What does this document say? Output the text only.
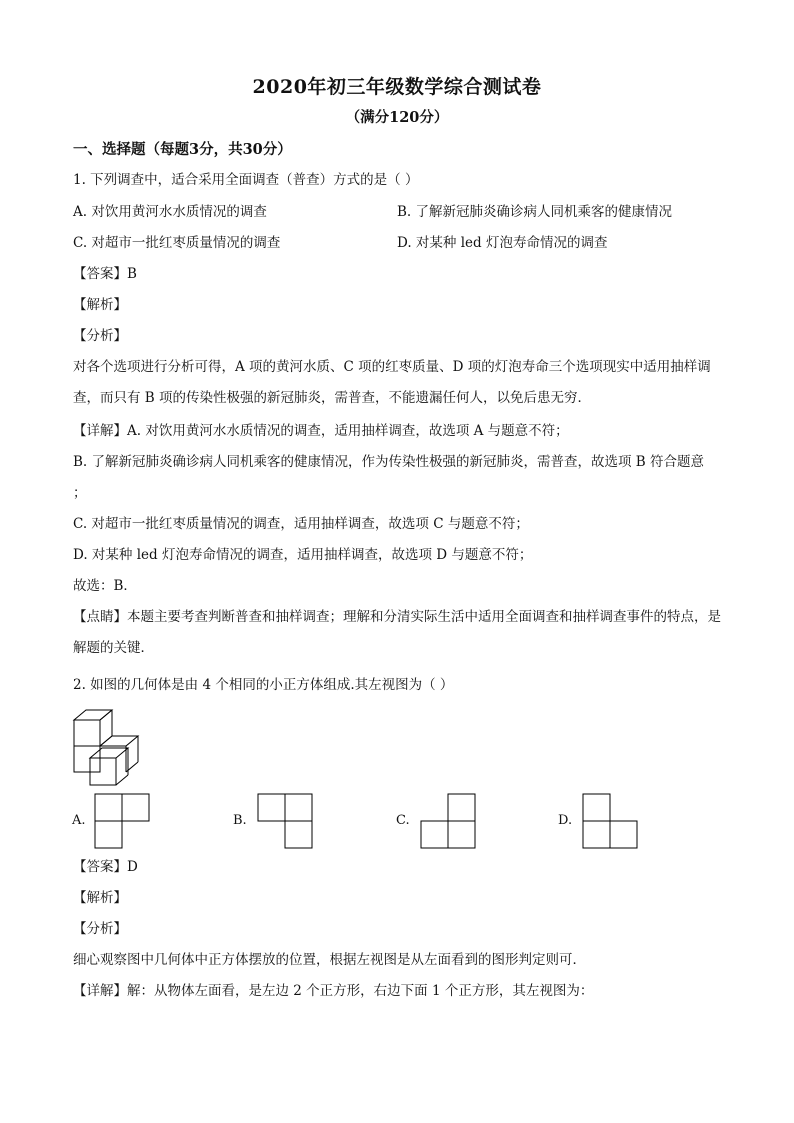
2020年初三年级数学综合测试卷
（满分120分）
一、选择题（每题3分，共30分）
1. 下列调查中，适合采用全面调查（普查）方式的是（ ）
A. 对饮用黄河水水质情况的调查	B. 了解新冠肺炎确诊病人同机乘客的健康情况
C. 对超市一批红枣质量情况的调查	D. 对某种 led 灯泡寿命情况的调查
【答案】B
【解析】
【分析】
对各个选项进行分析可得，A 项的黄河水质、C 项的红枣质量、D 项的灯泡寿命三个选项现实中适用抽样调查，而只有 B 项的传染性极强的新冠肺炎，需普查，不能遗漏任何人，以免后患无穷．
【详解】A. 对饮用黄河水水质情况的调查，适用抽样调查，故选项 A 与题意不符；
B. 了解新冠肺炎确诊病人同机乘客的健康情况，作为传染性极强的新冠肺炎，需普查，故选项 B 符合题意
；
C. 对超市一批红枣质量情况的调查，适用抽样调查，故选项 C 与题意不符；
D. 对某种 led 灯泡寿命情况的调查，适用抽样调查，故选项 D 与题意不符；
故选：B．
【点睛】本题主要考查判断普查和抽样调查；理解和分清实际生活中适用全面调查和抽样调查事件的特点，是解题的关键．
2. 如图的几何体是由 4 个相同的小正方体组成.其左视图为（ ）
A.	B.	C.	D.
【答案】D
【解析】
【分析】
细心观察图中几何体中正方体摆放的位置，根据左视图是从左面看到的图形判定则可．
【详解】解：从物体左面看，是左边 2 个正方形，右边下面 1 个正方形，其左视图为：
